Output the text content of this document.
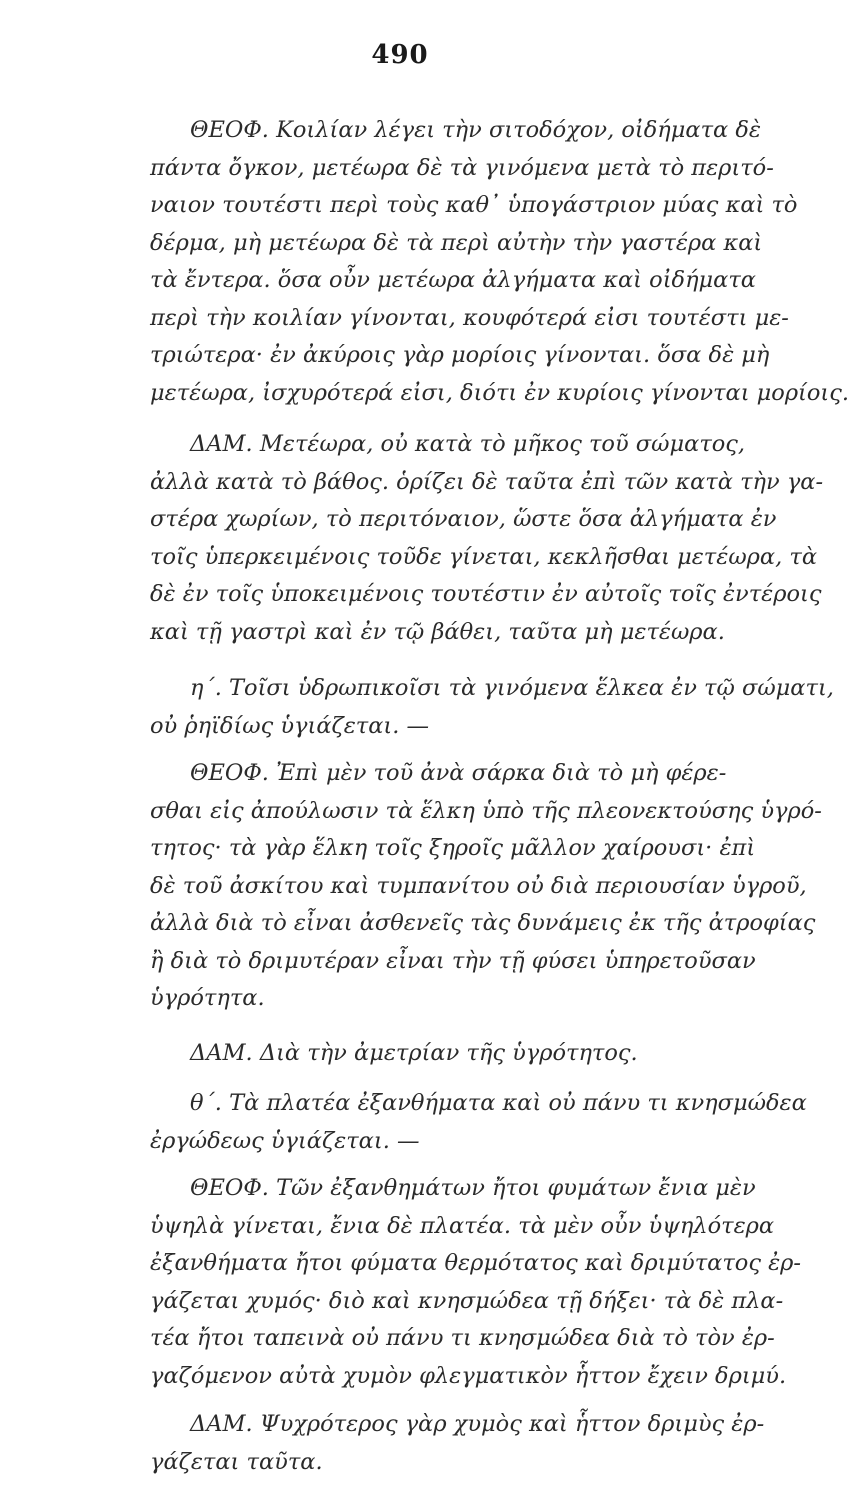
490
ΘΕΟΦ. Κοιλίαν λέγει τὴν σιτοδόχον, οἰδήματα δὲ
πάντα ὄγκον, μετέωρα δὲ τὰ γινόμενα μετὰ τὸ περιτό-
ναιον τουτέστι περὶ τοὺς καθ᾽ ὑπογάστριον μύας καὶ τὸ
δέρμα, μὴ μετέωρα δὲ τὰ περὶ αὐτὴν τὴν γαστέρα καὶ
τὰ ἔντερα. ὅσα οὖν μετέωρα ἀλγήματα καὶ οἰδήματα
περὶ τὴν κοιλίαν γίνονται, κουφότερά εἰσι τουτέστι με-
τριώτερα· ἐν ἀκύροις γὰρ μορίοις γίνονται. ὅσα δὲ μὴ
μετέωρα, ἰσχυρότερά εἰσι, διότι ἐν κυρίοις γίνονται μορίοις.
ΔΑΜ. Μετέωρα, οὐ κατὰ τὸ μῆκος τοῦ σώματος,
ἀλλὰ κατὰ τὸ βάθος. ὁρίζει δὲ ταῦτα ἐπὶ τῶν κατὰ τὴν γα-
στέρα χωρίων, τὸ περιτόναιον, ὥστε ὅσα ἀλγήματα ἐν
τοῖς ὑπερκειμένοις τοῦδε γίνεται, κεκλῆσθαι μετέωρα, τὰ
δὲ ἐν τοῖς ὑποκειμένοις τουτέστιν ἐν αὐτοῖς τοῖς ἐντέροις
καὶ τῇ γαστρὶ καὶ ἐν τῷ βάθει, ταῦτα μὴ μετέωρα.
η´. Τοῖσι ὑδρωπικοῖσι τὰ γινόμενα ἕλκεα ἐν τῷ σώματι,
οὐ ῥηϊδίως ὑγιάζεται. —
ΘΕΟΦ. Ἐπὶ μὲν τοῦ ἀνὰ σάρκα διὰ τὸ μὴ φέρε-
σθαι εἰς ἀπούλωσιν τὰ ἕλκη ὑπὸ τῆς πλεονεκτούσης ὑγρό-
τητος· τὰ γὰρ ἕλκη τοῖς ξηροῖς μᾶλλον χαίρουσι· ἐπὶ
δὲ τοῦ ἀσκίτου καὶ τυμπανίτου οὐ διὰ περιουσίαν ὑγροῦ,
ἀλλὰ διὰ τὸ εἶναι ἀσθενεῖς τὰς δυνάμεις ἐκ τῆς ἀτροφίας
ἢ διὰ τὸ δριμυτέραν εἶναι τὴν τῇ φύσει ὑπηρετοῦσαν
ὑγρότητα.
ΔΑΜ. Διὰ τὴν ἀμετρίαν τῆς ὑγρότητος.
θ´. Τὰ πλατέα ἐξανθήματα καὶ οὐ πάνυ τι κνησμώδεα
ἐργώδεως ὑγιάζεται. —
ΘΕΟΦ. Τῶν ἐξανθημάτων ἤτοι φυμάτων ἔνια μὲν
ὑψηλὰ γίνεται, ἔνια δὲ πλατέα. τὰ μὲν οὖν ὑψηλότερα
ἐξανθήματα ἤτοι φύματα θερμότατος καὶ δριμύτατος ἐρ-
γάζεται χυμός· διὸ καὶ κνησμώδεα τῇ δήξει· τὰ δὲ πλα-
τέα ἤτοι ταπεινὰ οὐ πάνυ τι κνησμώδεα διὰ τὸ τὸν ἐρ-
γαζόμενον αὐτὰ χυμὸν φλεγματικὸν ἧττον ἔχειν δριμύ.
ΔΑΜ. Ψυχρότερος γὰρ χυμὸς καὶ ἧττον δριμὺς ἐρ-
γάζεται ταῦτα.
